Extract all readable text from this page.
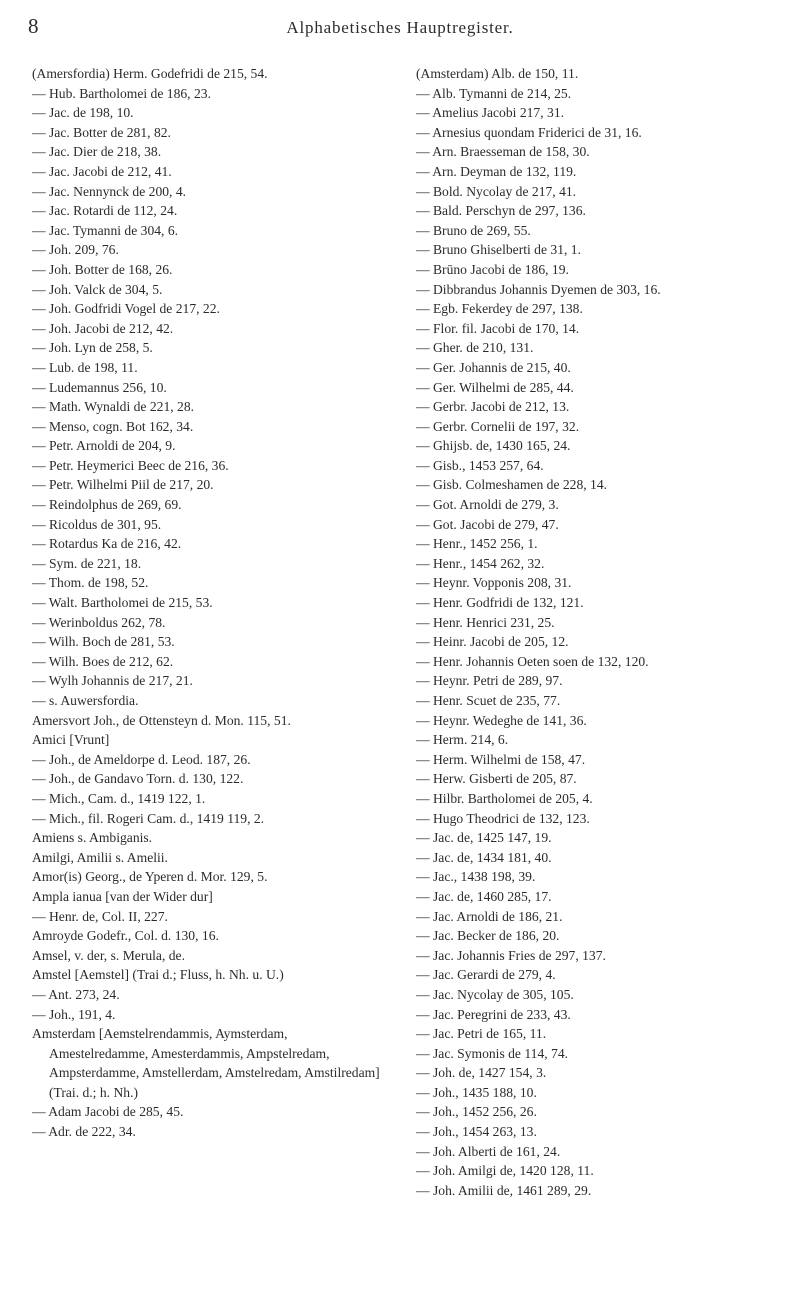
8	Alphabetisches Hauptregister.
(Amersfordia) Herm. Godefridi de 215, 54.
— Hub. Bartholomei de 186, 23.
— Jac. de 198, 10.
— Jac. Botter de 281, 82.
— Jac. Dier de 218, 38.
— Jac. Jacobi de 212, 41.
— Jac. Nennynck de 200, 4.
— Jac. Rotardi de 112, 24.
— Jac. Tymanni de 304, 6.
— Joh. 209, 76.
— Joh. Botter de 168, 26.
— Joh. Valck de 304, 5.
— Joh. Godfridi Vogel de 217, 22.
— Joh. Jacobi de 212, 42.
— Joh. Lyn de 258, 5.
— Lub. de 198, 11.
— Ludemannus 256, 10.
— Math. Wynaldi de 221, 28.
— Menso, cogn. Bot 162, 34.
— Petr. Arnoldi de 204, 9.
— Petr. Heymerici Beec de 216, 36.
— Petr. Wilhelmi Piil de 217, 20.
— Reindolphus de 269, 69.
— Ricoldus de 301, 95.
— Rotardus Ka de 216, 42.
— Sym. de 221, 18.
— Thom. de 198, 52.
— Walt. Bartholomei de 215, 53.
— Werinboldus 262, 78.
— Wilh. Boch de 281, 53.
— Wilh. Boes de 212, 62.
— Wylh Johannis de 217, 21.
— s. Auwersfordia.
Amersvort Joh., de Ottensteyn d. Mon. 115, 51.
Amici [Vrunt]
— Joh., de Ameldorpe d. Leod. 187, 26.
— Joh., de Gandavo Torn. d. 130, 122.
— Mich., Cam. d., 1419 122, 1.
— Mich., fil. Rogeri Cam. d., 1419 119, 2.
Amiens s. Ambiganis.
Amilgi, Amilii s. Amelii.
Amor(is) Georg., de Yperen d. Mor. 129, 5.
Ampla ianua [van der Wider dur]
— Henr. de, Col. II, 227.
Amroyde Godefr., Col. d. 130, 16.
Amsel, v. der, s. Merula, de.
Amstel [Aemstel] (Trai d.; Fluss, h. Nh. u. U.)
— Ant. 273, 24.
— Joh., 191, 4.
Amsterdam [Aemstelrendammis, Aymsterdam, Amestelredamme, Amesterdammis, Ampstelredam, Ampsterdamme, Amstellerdam, Amstelredam, Amstilredam] (Trai. d.; h. Nh.)
— Adam Jacobi de 285, 45.
— Adr. de 222, 34.
(Amsterdam) Alb. de 150, 11.
— Alb. Tymanni de 214, 25.
— Amelius Jacobi 217, 31.
— Arnesius quondam Friderici de 31, 16.
— Arn. Braesseman de 158, 30.
— Arn. Deyman de 132, 119.
— Bold. Nycolay de 217, 41.
— Bald. Perschyn de 297, 136.
— Bruno de 269, 55.
— Bruno Ghiselberti de 31, 1.
— Brūno Jacobi de 186, 19.
— Dibbrandus Johannis Dyemen de 303, 16.
— Egb. Fekerdey de 297, 138.
— Flor. fil. Jacobi de 170, 14.
— Gher. de 210, 131.
— Ger. Johannis de 215, 40.
— Ger. Wilhelmi de 285, 44.
— Gerbr. Jacobi de 212, 13.
— Gerbr. Cornelii de 197, 32.
— Ghijsb. de, 1430 165, 24.
— Gisb., 1453 257, 64.
— Gisb. Colmeshamen de 228, 14.
— Got. Arnoldi de 279, 3.
— Got. Jacobi de 279, 47.
— Henr., 1452 256, 1.
— Henr., 1454 262, 32.
— Heynr. Vopponis 208, 31.
— Henr. Godfridi de 132, 121.
— Henr. Henrici 231, 25.
— Heinr. Jacobi de 205, 12.
— Henr. Johannis Oeten soen de 132, 120.
— Heynr. Petri de 289, 97.
— Henr. Scuet de 235, 77.
— Heynr. Wedeghe de 141, 36.
— Herm. 214, 6.
— Herm. Wilhelmi de 158, 47.
— Herw. Gisberti de 205, 87.
— Hilbr. Bartholomei de 205, 4.
— Hugo Theodrici de 132, 123.
— Jac. de, 1425 147, 19.
— Jac. de, 1434 181, 40.
— Jac., 1438 198, 39.
— Jac. de, 1460 285, 17.
— Jac. Arnoldi de 186, 21.
— Jac. Becker de 186, 20.
— Jac. Johannis Fries de 297, 137.
— Jac. Gerardi de 279, 4.
— Jac. Nycolay de 305, 105.
— Jac. Peregrini de 233, 43.
— Jac. Petri de 165, 11.
— Jac. Symonis de 114, 74.
— Joh. de, 1427 154, 3.
— Joh., 1435 188, 10.
— Joh., 1452 256, 26.
— Joh., 1454 263, 13.
— Joh. Alberti de 161, 24.
— Joh. Amilgi de, 1420 128, 11.
— Joh. Amilii de, 1461 289, 29.
